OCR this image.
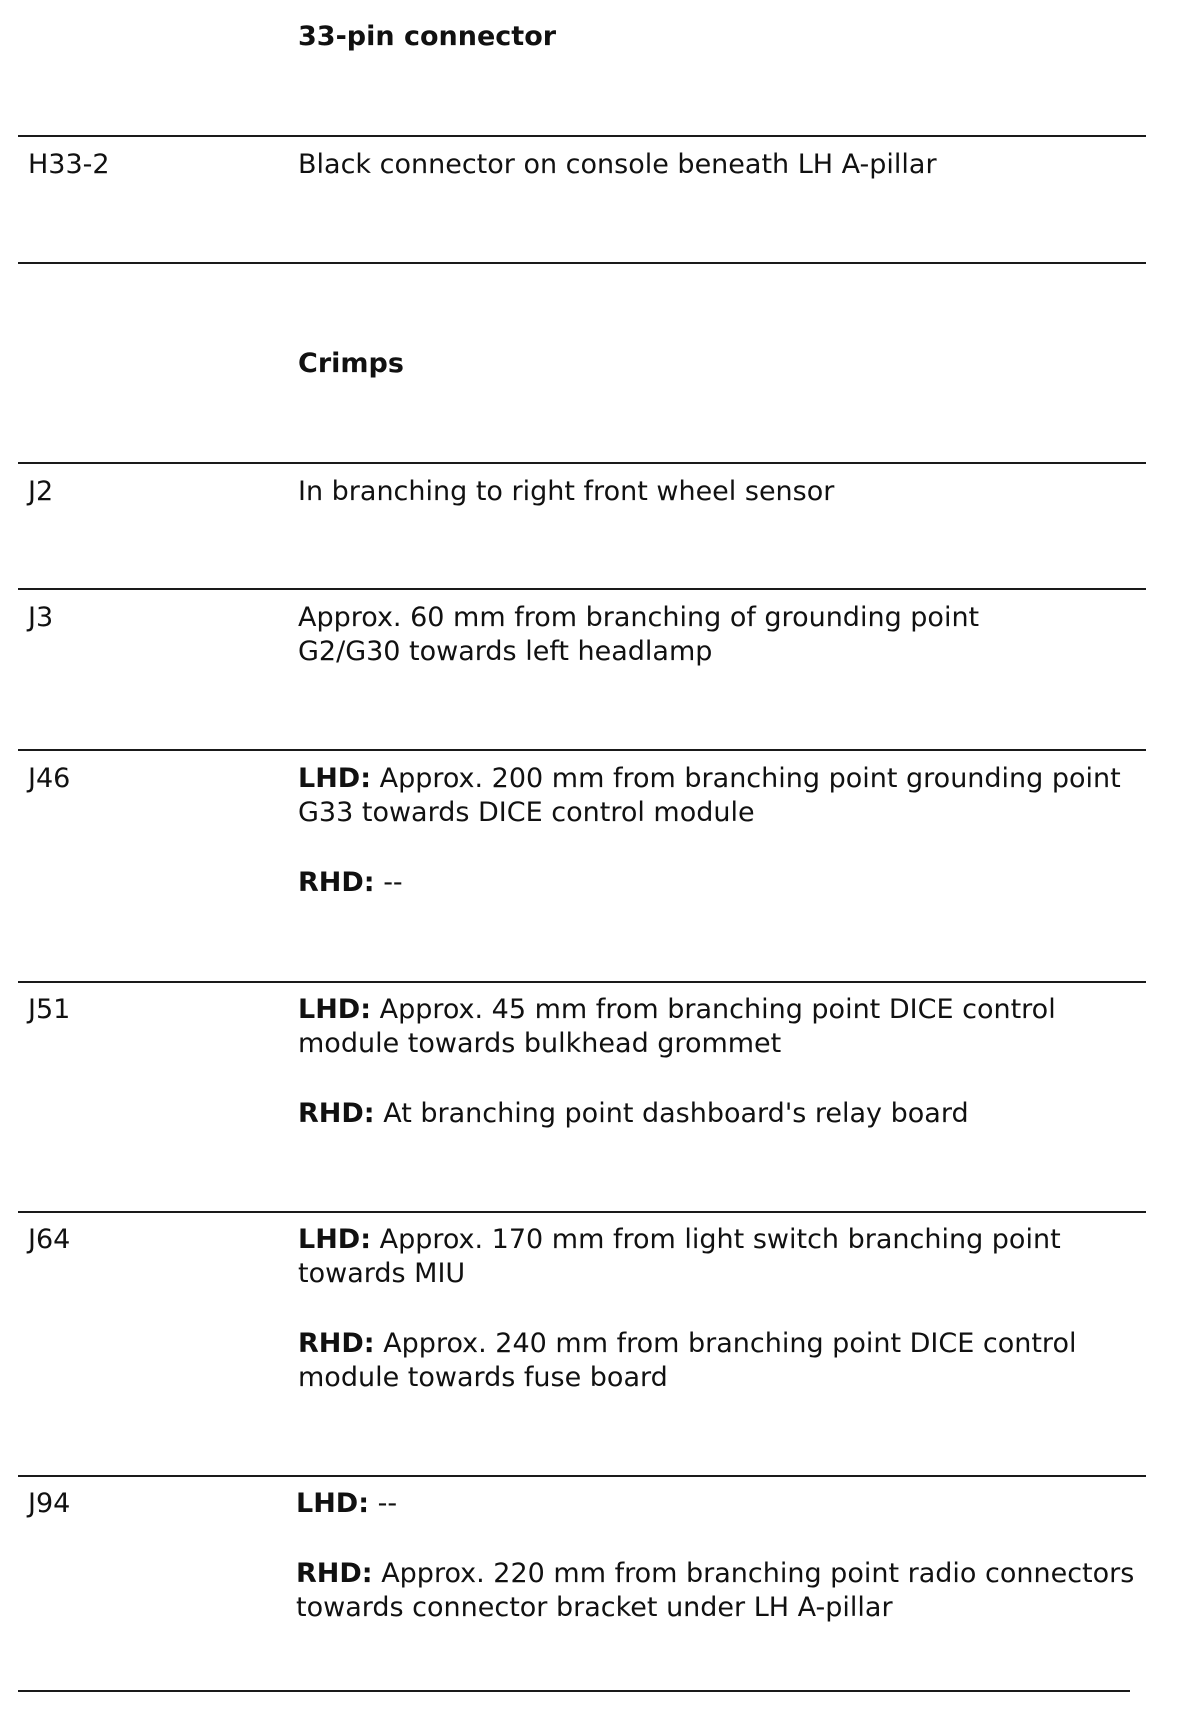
33-pin connector
H33-2	Black connector on console beneath LH A-pillar

Crimps
J2	In branching to right front wheel sensor

J3	Approx. 60 mm from branching of grounding point G2/G30 towards left headlamp

J46	LHD: Approx. 200 mm from branching point grounding point G33 towards DICE control module

RHD: --

J51	LHD: Approx. 45 mm from branching point DICE control module towards bulkhead grommet

RHD: At branching point dashboard's relay board

J64	LHD: Approx. 170 mm from light switch branching point towards MIU

RHD: Approx. 240 mm from branching point DICE control module towards fuse board

J94	LHD: --

RHD: Approx. 220 mm from branching point radio connectors towards connector bracket under LH A-pillar
